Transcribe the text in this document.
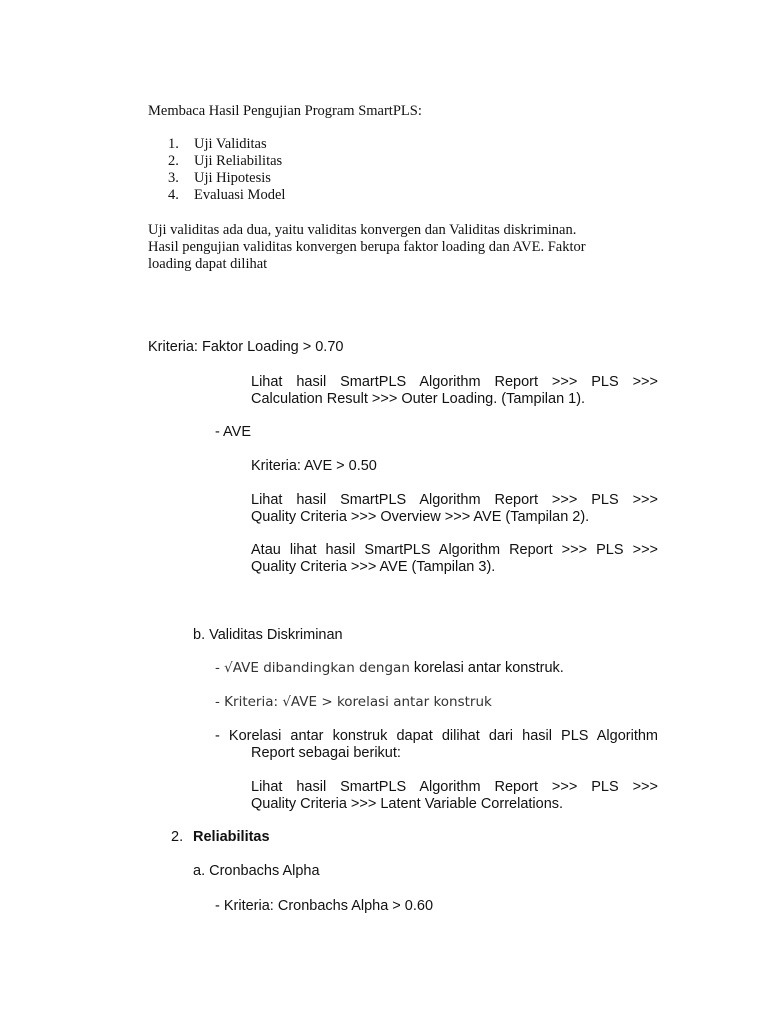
Membaca Hasil Pengujian Program SmartPLS:

1. Uji Validitas
2. Uji Reliabilitas
3. Uji Hipotesis
4. Evaluasi Model
Uji validitas ada dua, yaitu validitas konvergen dan Validitas diskriminan.
Hasil pengujian validitas konvergen berupa faktor loading dan AVE. Faktor
loading dapat dilihat

Kriteria: Faktor Loading > 0.70

Lihat hasil SmartPLS Algorithm Report >>> PLS >>>
Calculation Result >>> Outer Loading. (Tampilan 1).

- AVE

Kriteria: AVE > 0.50

Lihat hasil SmartPLS Algorithm Report >>> PLS >>>
Quality Criteria >>> Overview >>> AVE (Tampilan 2).
Atau lihat hasil SmartPLS Algorithm Report >>> PLS >>>
Quality Criteria >>> AVE (Tampilan 3).

b. Validitas Diskriminan

- √AVE dibandingkan dengan korelasi antar konstruk.

- Kriteria: √AVE > korelasi antar konstruk

- Korelasi antar konstruk dapat dilihat dari hasil PLS Algorithm
Report sebagai berikut:
Lihat hasil SmartPLS Algorithm Report >>> PLS >>>
Quality Criteria >>> Latent Variable Correlations.

2. Reliabilitas

a. Cronbachs Alpha

- Kriteria: Cronbachs Alpha > 0.60
